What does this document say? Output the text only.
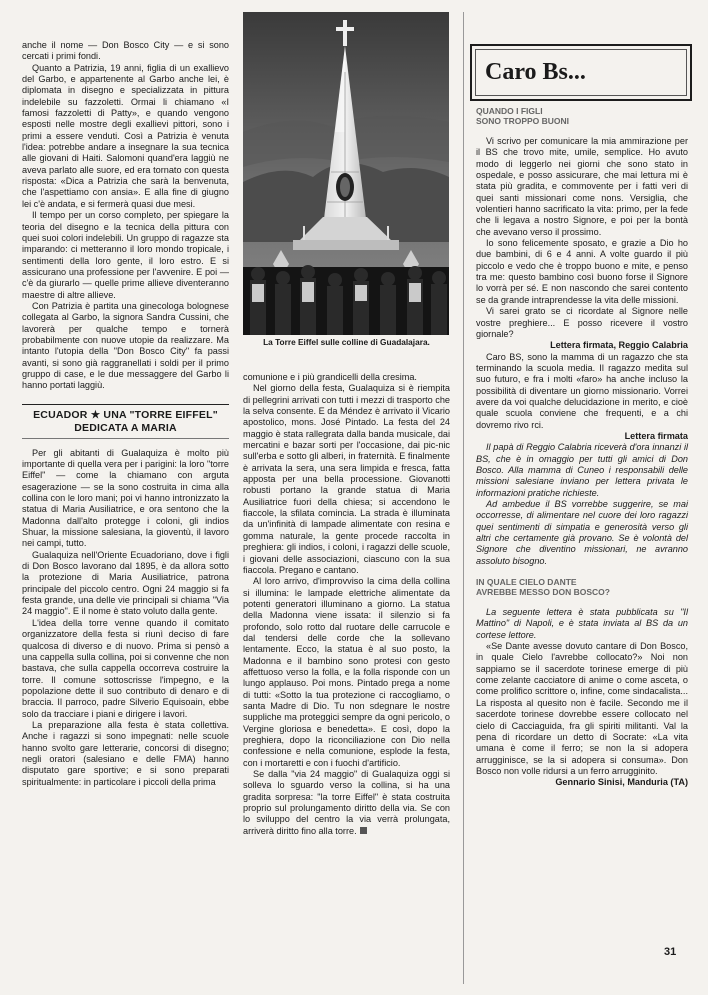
anche il nome — Don Bosco City — e si sono cercati i primi fondi.

Quanto a Patrizia, 19 anni, figlia di un exallievo del Garbo, e appartenente al Garbo anche lei, è diplomata in disegno e specializzata in pittura indelebile su fazzoletti. Ormai li chiamano «I famosi fazzoletti di Patty», e quando vengono esposti nelle mostre degli exallievi pittori, sono i primi a essere venduti. Così a Patrizia è venuta l'idea: potrebbe andare a insegnare la sua tecnica alle giovani di Haiti. Salomoni quand'era laggiù ne aveva parlato alle suore, ed era tornato con questa risposta: «Dica a Patrizia che sarà la benvenuta, che l'aspettiamo con ansia». E alla fine di giugno lei c'è andata, e si fermerà quasi due mesi.

Il tempo per un corso completo, per spiegare la teoria del disegno e la tecnica della pittura con quei suoi colori indelebili. Un gruppo di ragazze sta imparando: ci metteranno il loro mondo tropicale, i sentimenti della loro gente, il loro estro. E si assicurano una professione per l'avvenire. E poi — c'è da giurarlo — quelle prime allieve diventeranno maestre di altre allieve.

Con Patrizia è partita una ginecologa bolognese collegata al Garbo, la signora Sandra Cussini, che lavorerà per qualche tempo e tornerà probabilmente con nuove utopie da realizzare. Ma intanto l'utopia della "Don Bosco City" fa passi avanti, si sono già raggranellati i soldi per il primo gruppo di case, e le due messaggere del Garbo li hanno portati laggiù.

ECUADOR ★ UNA "TORRE EIFFEL"
DEDICATA A MARIA

Per gli abitanti di Gualaquiza è molto più importante di quella vera per i parigini: la loro "torre Eiffel" — come la chiamano con arguta esagerazione — se la sono costruita in cima alla collina con le loro mani; poi vi hanno intronizzato la statua di Maria Ausiliatrice, e ora sentono che la Madonna dall'alto protegge i coloni, gli indios Shuar, la missione salesiana, la gioventù, il lavoro nei campi, tutto.

Gualaquiza nell'Oriente Ecuadoriano, dove i figli di Don Bosco lavorano dal 1895, è da allora sotto la protezione di Maria Ausiliatrice, patrona principale del piccolo centro. Ogni 24 maggio si fa festa grande, una delle vie principali si chiama "Via 24 maggio". E il nome è stato voluto dalla gente.

L'idea della torre venne quando il comitato organizzatore della festa si riunì deciso di fare qualcosa di diverso e di nuovo. Prima si pensò a una cappella sulla collina, poi si convenne che non bastava, che sulla cappella occorreva costruire la torre. Il comune sottoscrisse l'impegno, e la popolazione dette il suo contributo di denaro e di braccia. Il parroco, padre Silverio Equisoain, ebbe solo da tracciare i piani e dirigere i lavori.

La preparazione alla festa è stata collettiva. Anche i ragazzi si sono impegnati: nelle scuole hanno svolto gare letterarie, concorsi di disegno; negli oratori (salesiano e delle FMA) hanno disputato gare sportive; e si sono preparati spiritualmente: in particolare i piccoli della prima

La Torre Eiffel sulle colline di Guadalajara.

comunione e i più grandicelli della cresima.

Nel giorno della festa, Gualaquiza si è riempita di pellegrini arrivati con tutti i mezzi di trasporto che la selva consente. E da Méndez è arrivato il Vicario apostolico, mons. José Pintado. La festa del 24 maggio è stata rallegrata dalla banda musicale, dai mercatini e bazar sorti per l'occasione, dai pic-nic sull'erba e sotto gli alberi, in fraternità. E finalmente è arrivata la sera, una sera limpida e fresca, fatta apposta per una bella processione. Giovanotti robusti portano la grande statua di Maria Ausiliatrice fuori della chiesa; si accendono le fiaccole, la sfilata comincia. La strada è illuminata da un'infinità di lampade alimentate con resina e gomma naturale, la gente procede raccolta in preghiera: gli indios, i coloni, i ragazzi delle scuole, i giovani delle associazioni, ciascuno con la sua fiaccola. Pregano e cantano.

Al loro arrivo, d'improvviso la cima della collina si illumina: le lampade elettriche alimentate da potenti generatori illuminano a giorno. La statua della Madonna viene issata: il silenzio si fa profondo, solo rotto dal ruotare delle carrucole e dal tendersi delle corde che la sollevano lentamente. Ecco, la statua è al suo posto, la Madonna e il bambino sono protesi con gesto affettuoso verso la folla, e la folla risponde con un lungo applauso. Poi mons. Pintado prega a nome di tutti: «Sotto la tua protezione ci raccogliamo, o santa Madre di Dio. Tu non sdegnare le nostre suppliche ma proteggici sempre da ogni pericolo, o Vergine gloriosa e benedetta». E così, dopo la preghiera, dopo la riconciliazione con Dio nella confessione e nella comunione, esplode la festa, con i mortaretti e con i fuochi d'artificio.

Se dalla "via 24 maggio" di Gualaquiza oggi si solleva lo sguardo verso la collina, si ha una gradita sorpresa: "la torre Eiffel" è stata costruita proprio sul prolungamento diritto della via. Se con lo sviluppo del centro la via verrà prolungata, arriverà diritto fino alla torre.

Caro Bs...
QUANDO I FIGLI
SONO TROPPO BUONI

Vi scrivo per comunicare la mia ammirazione per il BS che trovo mite, umile, semplice. Ho avuto modo di leggerlo nei giorni che sono stato in ospedale, e posso assicurare, che mai lettura mi è stata più gradita, e commovente per i fatti veri di quei santi missionari come nons. Versiglia, che volentieri hanno sacrificato la vita: primo, per la fede che li legava a nostro Signore, e poi per la bontà che avevano verso il prossimo.

Io sono felicemente sposato, e grazie a Dio ho due bambini, di 6 e 4 anni. A volte guardo il più piccolo e vedo che è troppo buono e mite, e penso tra me: questo bambino così buono forse il Signore lo vorrà per sé. E non nascondo che sarei contento se da grande intraprendesse la vita delle missioni.

Vi sarei grato se ci ricordate al Signore nelle vostre preghiere... E posso ricevere il vostro giornale?

Lettera firmata, Reggio Calabria

Caro BS, sono la mamma di un ragazzo che sta terminando la scuola media. Il ragazzo medita sul suo futuro, e fra i molti «faro» ha anche incluso la possibilità di diventare un giorno missionario. Vorrei avere da voi qualche delucidazione in merito, e cioè quale scuola conviene che frequenti, e a chi dovremo rivo rci.

Lettera firmata

Il papà di Reggio Calabria riceverà d'ora innanzi il BS, che è in omaggio per tutti gli amici di Don Bosco. Alla mamma di Cuneo i responsabili delle missioni salesiane inviano per lettera privata le informazioni pratiche richieste.

Ad ambedue il BS vorrebbe suggerire, se mai occorresse, di alimentare nel cuore dei loro ragazzi quei sentimenti di simpatia e generosità verso gli altri che certamente già provano. Se è volontà del Signore che diventino missionari, ne avranno assoluto bisogno.

IN QUALE CIELO DANTE
AVREBBE MESSO DON BOSCO?

La seguente lettera è stata pubblicata su "Il Mattino" di Napoli, e è stata inviata al BS da un cortese lettore.

«Se Dante avesse dovuto cantare di Don Bosco, in quale Cielo l'avrebbe collocato?» Noi non sappiamo se il sacerdote torinese emerge di più come zelante cacciatore di anime o come asceta, o come prolifico scrittore o, infine, come sindacalista... La risposta al quesito non è facile. Secondo me il sacerdote torinese dovrebbe essere collocato nel cielo di Cacciaguida, fra gli spiriti militanti. Val la pena di ricordare un detto di Socrate: «La vita umana è come il ferro; se non la si adopera arrugginisce, se la si adopera si consuma». Don Bosco non volle ridursi a un ferro arrugginito.

Gennario Sinisi, Manduria (TA)
31
